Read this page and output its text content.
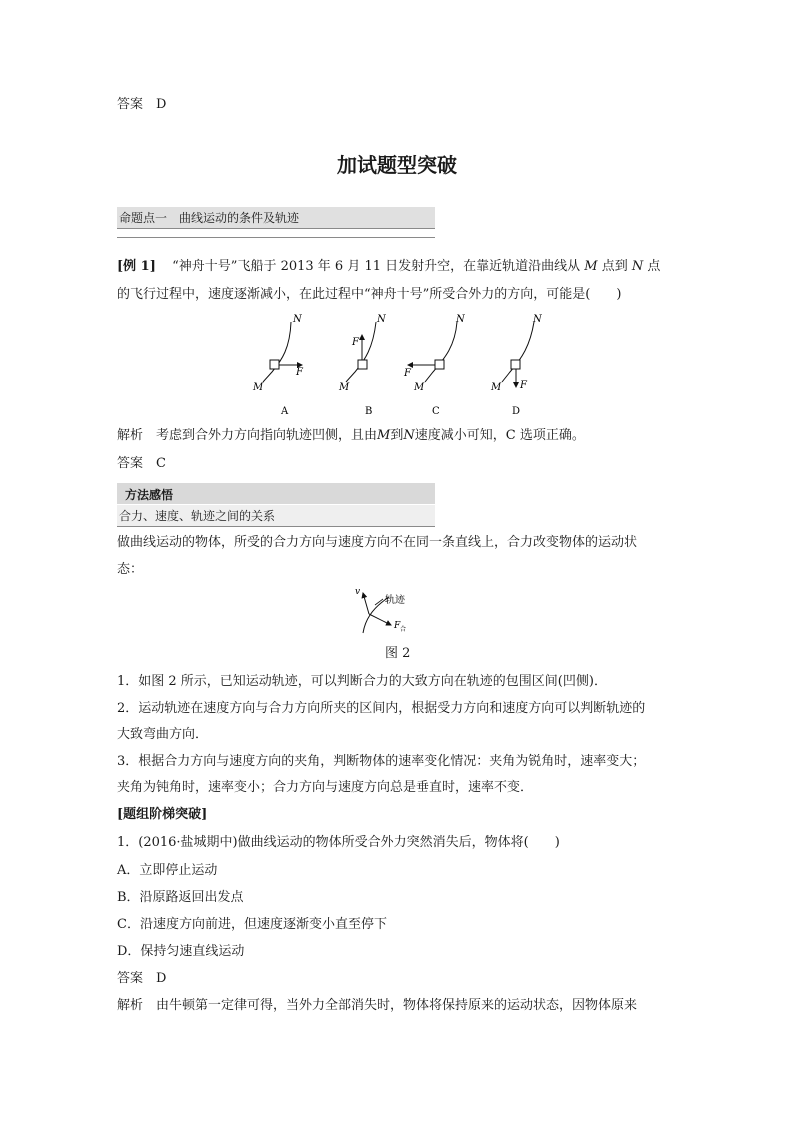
答案　D
加试题型突破
命题点一　曲线运动的条件及轨迹
[例 1] “神舟十号”飞船于 2013 年 6 月 11 日发射升空，在靠近轨道沿曲线从 M 点到 N 点
的飞行过程中，速度逐渐减小，在此过程中“神舟十号”所受合外力的方向，可能是(　　)
N
M
F
A
N
M
F
B
N
M
F
C
N
M F
D
解析　考虑到合外力方向指向轨迹凹侧，且由M到N速度减小可知，C 选项正确。
答案　C
方法感悟
合力、速度、轨迹之间的关系
做曲线运动的物体，所受的合力方向与速度方向不在同一条直线上，合力改变物体的运动状
态：
v
轨迹
F 合
图 2
1．如图 2 所示，已知运动轨迹，可以判断合力的大致方向在轨迹的包围区间(凹侧)．
2．运动轨迹在速度方向与合力方向所夹的区间内，根据受力方向和速度方向可以判断轨迹的
大致弯曲方向．
3．根据合力方向与速度方向的夹角，判断物体的速率变化情况：夹角为锐角时，速率变大；
夹角为钝角时，速率变小；合力方向与速度方向总是垂直时，速率不变．
[题组阶梯突破]
1．(2016·盐城期中)做曲线运动的物体所受合外力突然消失后，物体将(　　)
A．立即停止运动
B．沿原路返回出发点
C．沿速度方向前进，但速度逐渐变小直至停下
D．保持匀速直线运动
答案　D
解析　由牛顿第一定律可得，当外力全部消失时，物体将保持原来的运动状态，因物体原来
